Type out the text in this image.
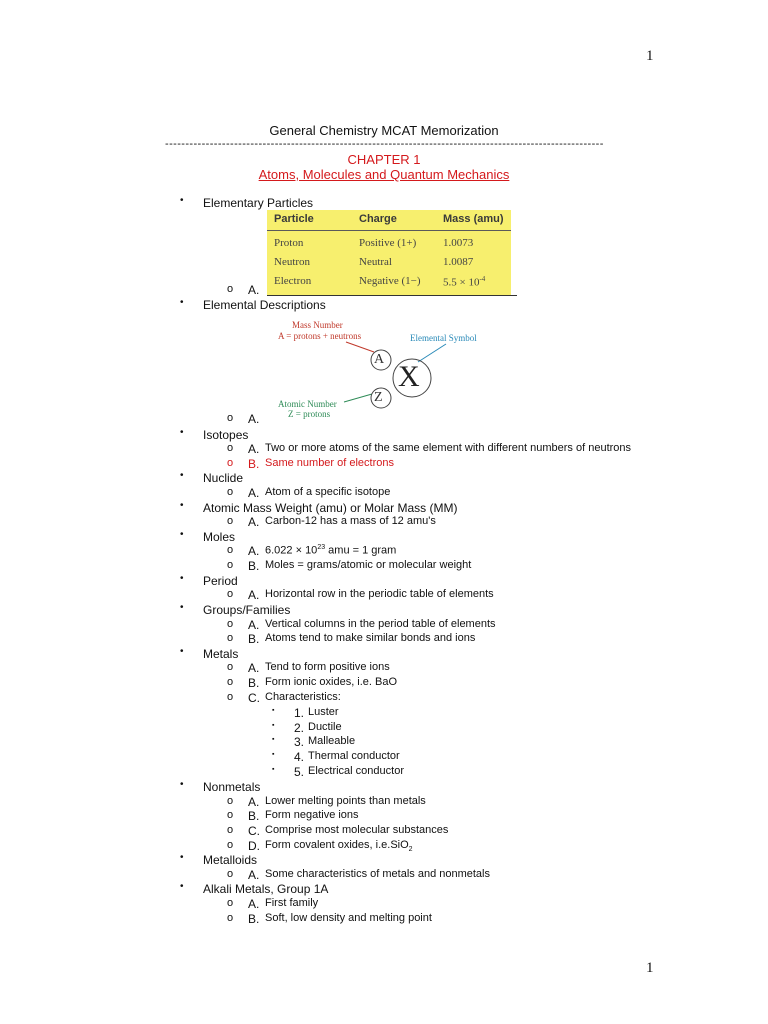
1
1
General Chemistry MCAT Memorization
------------------------------------------------------------------------------------------------------------
CHAPTER 1
Atoms, Molecules and Quantum Mechanics
• Elementary Particles
Particle	Charge	Mass (amu)
Proton	Positive (1+) 1.0073
Neutron	Neutral	1.0087
Electron	Negative (1−) $5.5 \times 10^{-4}$
o A.
• Elemental Descriptions
Mass Number
A = protons + neutrons	Elemental Symbol
A
Z
X
Atomic Number
Z = protons
o A.
• Isotopes
o A. Two or more atoms of the same element with different numbers of neutrons
o B. Same number of electrons
• Nuclide
o A. Atom of a specific isotope
• Atomic Mass Weight (amu) or Molar Mass (MM)
o A. Carbon-12 has a mass of 12 amu's
• Moles
o A. $6.022 \times 10^{23}$ amu = 1 gram
o B. Moles = grams/atomic or molecular weight
• Period
o A. Horizontal row in the periodic table of elements
• Groups/Families
o A. Vertical columns in the period table of elements
o B. Atoms tend to make similar bonds and ions
• Metals
o A. Tend to form positive ions
o B. Form ionic oxides, i.e. BaO
o C. Characteristics:
▪ 1. Luster
▪ 2. Ductile
▪ 3. Malleable
▪ 4. Thermal conductor
▪ 5. Electrical conductor
• Nonmetals
o A. Lower melting points than metals
o B. Form negative ions
o C. Comprise most molecular substances
o D. Form covalent oxides, i.e.SiO$_2$
• Metalloids
o A. Some characteristics of metals and nonmetals
• Alkali Metals, Group 1A
o A. First family
o B. Soft, low density and melting point
